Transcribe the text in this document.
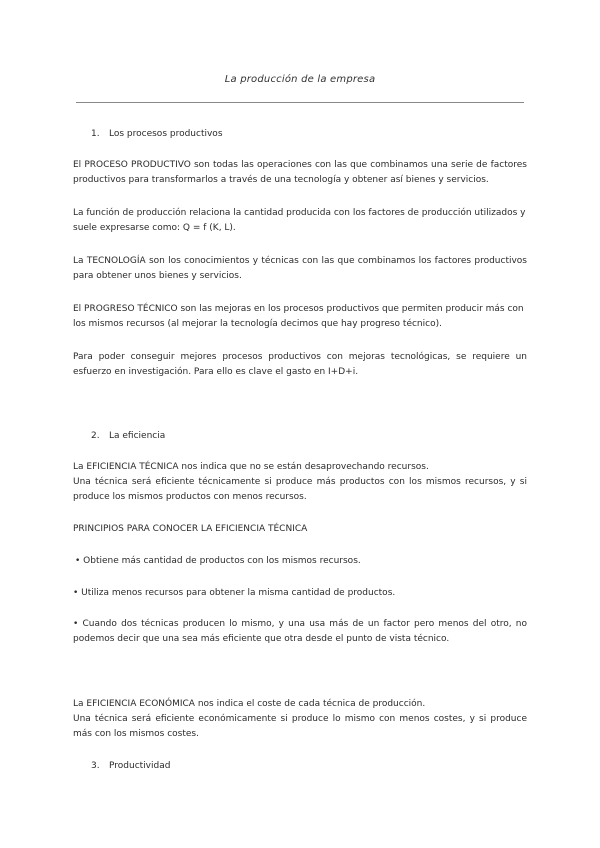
La producción de la empresa
1. Los procesos productivos

El PROCESO PRODUCTIVO son todas las operaciones con las que combinamos una serie de factores productivos para transformarlos a través de una tecnología y obtener así bienes y servicios.

La función de producción relaciona la cantidad producida con los factores de producción utilizados y suele expresarse como: Q = f (K, L).

La TECNOLOGÍA son los conocimientos y técnicas con las que combinamos los factores productivos para obtener unos bienes y servicios.

El PROGRESO TÉCNICO son las mejoras en los procesos productivos que permiten producir más con los mismos recursos (al mejorar la tecnología decimos que hay progreso técnico).

Para poder conseguir mejores procesos productivos con mejoras tecnológicas, se requiere un esfuerzo en investigación. Para ello es clave el gasto en I+D+i.

2. La eficiencia

La EFICIENCIA TÉCNICA nos indica que no se están desaprovechando recursos.
Una técnica será eficiente técnicamente si produce más productos con los mismos recursos, y si produce los mismos productos con menos recursos.

PRINCIPIOS PARA CONOCER LA EFICIENCIA TÉCNICA

• Obtiene más cantidad de productos con los mismos recursos.

• Utiliza menos recursos para obtener la misma cantidad de productos.

• Cuando dos técnicas producen lo mismo, y una usa más de un factor pero menos del otro, no podemos decir que una sea más eficiente que otra desde el punto de vista técnico.

La EFICIENCIA ECONÓMICA nos indica el coste de cada técnica de producción.
Una técnica será eficiente económicamente si produce lo mismo con menos costes, y si produce más con los mismos costes.

3. Productividad
